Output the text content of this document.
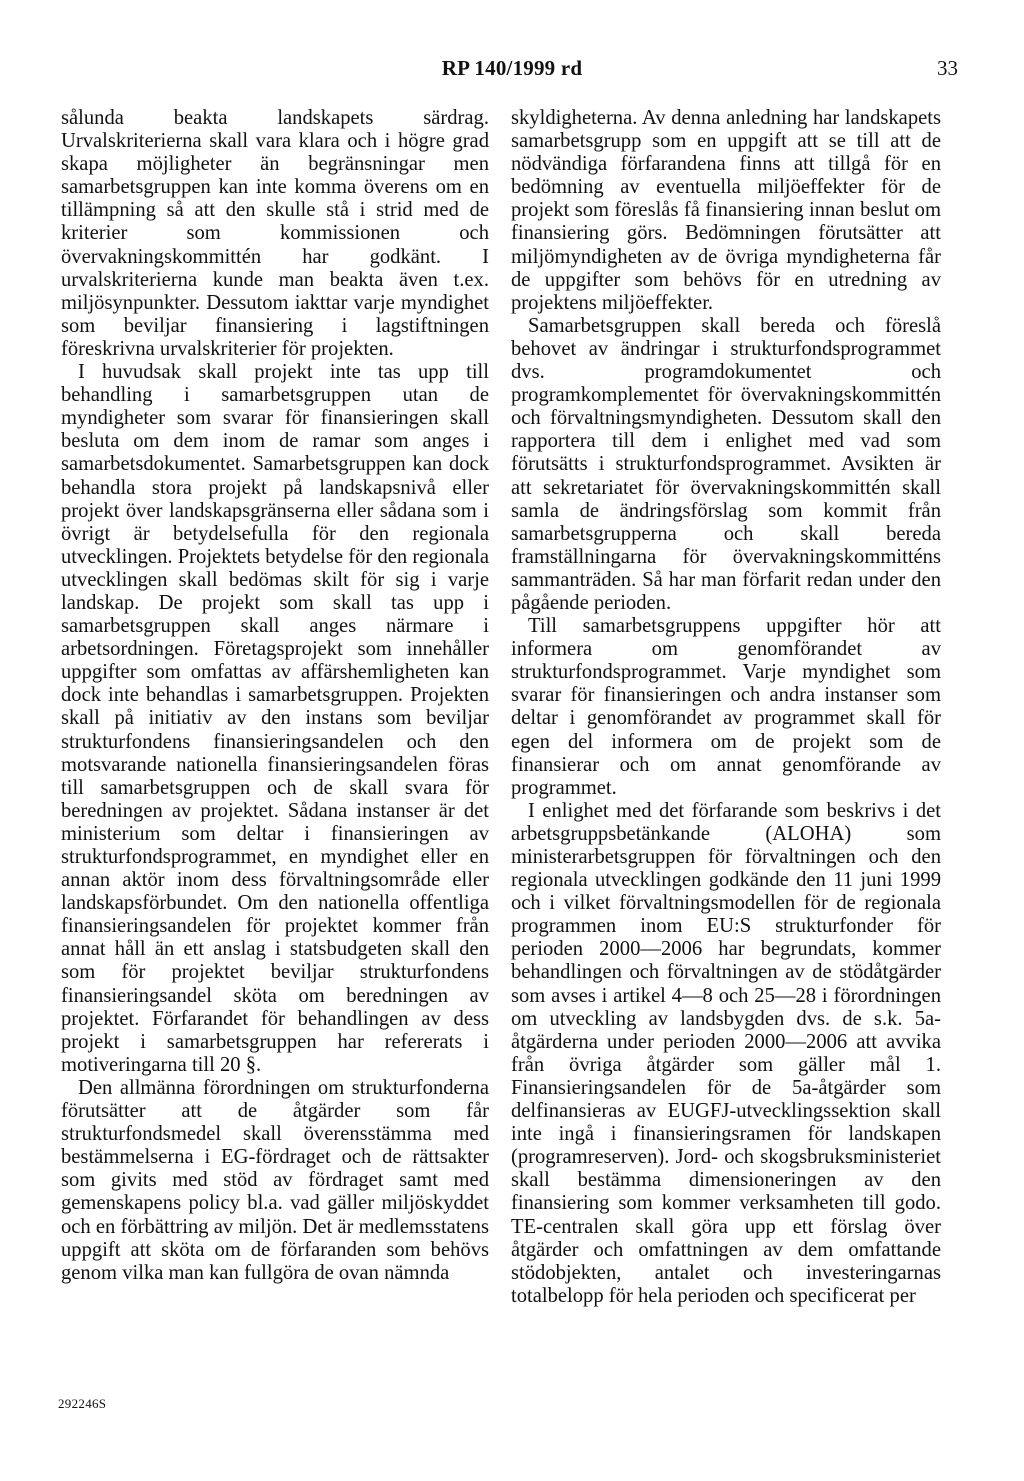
RP 140/1999 rd	33

sålunda beakta landskapets särdrag. Urvalskriterierna skall vara klara och i högre grad skapa möjligheter än begränsningar men samarbetsgruppen kan inte komma överens om en tillämpning så att den skulle stå i strid med de kriterier som kommissionen och övervakningskommittén har godkänt. I urvalskriterierna kunde man beakta även t.ex. miljösynpunkter. Dessutom iakttar varje myndighet som beviljar finansiering i lagstiftningen föreskrivna urvalskriterier för projekten.

I huvudsak skall projekt inte tas upp till behandling i samarbetsgruppen utan de myndigheter som svarar för finansieringen skall besluta om dem inom de ramar som anges i samarbetsdokumentet. Samarbetsgruppen kan dock behandla stora projekt på landskapsnivå eller projekt över landskapsgränserna eller sådana som i övrigt är betydelsefulla för den regionala utvecklingen. Projektets betydelse för den regionala utvecklingen skall bedömas skilt för sig i varje landskap. De projekt som skall tas upp i samarbetsgruppen skall anges närmare i arbetsordningen. Företagsprojekt som innehåller uppgifter som omfattas av affärshemligheten kan dock inte behandlas i samarbetsgruppen. Projekten skall på initiativ av den instans som beviljar strukturfondens finansieringsandelen och den motsvarande nationella finansieringsandelen föras till samarbetsgruppen och de skall svara för beredningen av projektet. Sådana instanser är det ministerium som deltar i finansieringen av strukturfondsprogrammet, en myndighet eller en annan aktör inom dess förvaltningsområde eller landskapsförbundet. Om den nationella offentliga finansieringsandelen för projektet kommer från annat håll än ett anslag i statsbudgeten skall den som för projektet beviljar strukturfondens finansieringsandel sköta om beredningen av projektet. Förfarandet för behandlingen av dess projekt i samarbetsgruppen har refererats i motiveringarna till 20 §.

Den allmänna förordningen om strukturfonderna förutsätter att de åtgärder som får strukturfondsmedel skall överensstämma med bestämmelserna i EG-fördraget och de rättsakter som givits med stöd av fördraget samt med gemenskapens policy bl.a. vad gäller miljöskyddet och en förbättring av miljön. Det är medlemsstatens uppgift att sköta om de förfaranden som behövs genom vilka man kan fullgöra de ovan nämnda

skyldigheterna. Av denna anledning har landskapets samarbetsgrupp som en uppgift att se till att de nödvändiga förfarandena finns att tillgå för en bedömning av eventuella miljöeffekter för de projekt som föreslås få finansiering innan beslut om finansiering görs. Bedömningen förutsätter att miljömyndigheten av de övriga myndigheterna får de uppgifter som behövs för en utredning av projektens miljöeffekter.

Samarbetsgruppen skall bereda och föreslå behovet av ändringar i strukturfondsprogrammet dvs. programdokumentet och programkomplementet för övervakningskommittén och förvaltningsmyndigheten. Dessutom skall den rapportera till dem i enlighet med vad som förutsätts i strukturfondsprogrammet. Avsikten är att sekretariatet för övervakningskommittén skall samla de ändringsförslag som kommit från samarbetsgrupperna och skall bereda framställningarna för övervakningskommitténs sammanträden. Så har man förfarit redan under den pågående perioden.

Till samarbetsgruppens uppgifter hör att informera om genomförandet av strukturfondsprogrammet. Varje myndighet som svarar för finansieringen och andra instanser som deltar i genomförandet av programmet skall för egen del informera om de projekt som de finansierar och om annat genomförande av programmet.

I enlighet med det förfarande som beskrivs i det arbetsgruppsbetänkande (ALOHA) som ministerarbetsgruppen för förvaltningen och den regionala utvecklingen godkände den 11 juni 1999 och i vilket förvaltningsmodellen för de regionala programmen inom EU:S strukturfonder för perioden 2000—2006 har begrundats, kommer behandlingen och förvaltningen av de stödåtgärder som avses i artikel 4—8 och 25—28 i förordningen om utveckling av landsbygden dvs. de s.k. 5a-åtgärderna under perioden 2000—2006 att avvika från övriga åtgärder som gäller mål 1. Finansieringsandelen för de 5a-åtgärder som delfinansieras av EUGFJ-utvecklingssektion skall inte ingå i finansieringsramen för landskapen (programreserven). Jord- och skogsbruksministeriet skall bestämma dimensioneringen av den finansiering som kommer verksamheten till godo. TE-centralen skall göra upp ett förslag över åtgärder och omfattningen av dem omfattande stödobjekten, antalet och investeringarnas totalbelopp för hela perioden och specificerat per

292246S
